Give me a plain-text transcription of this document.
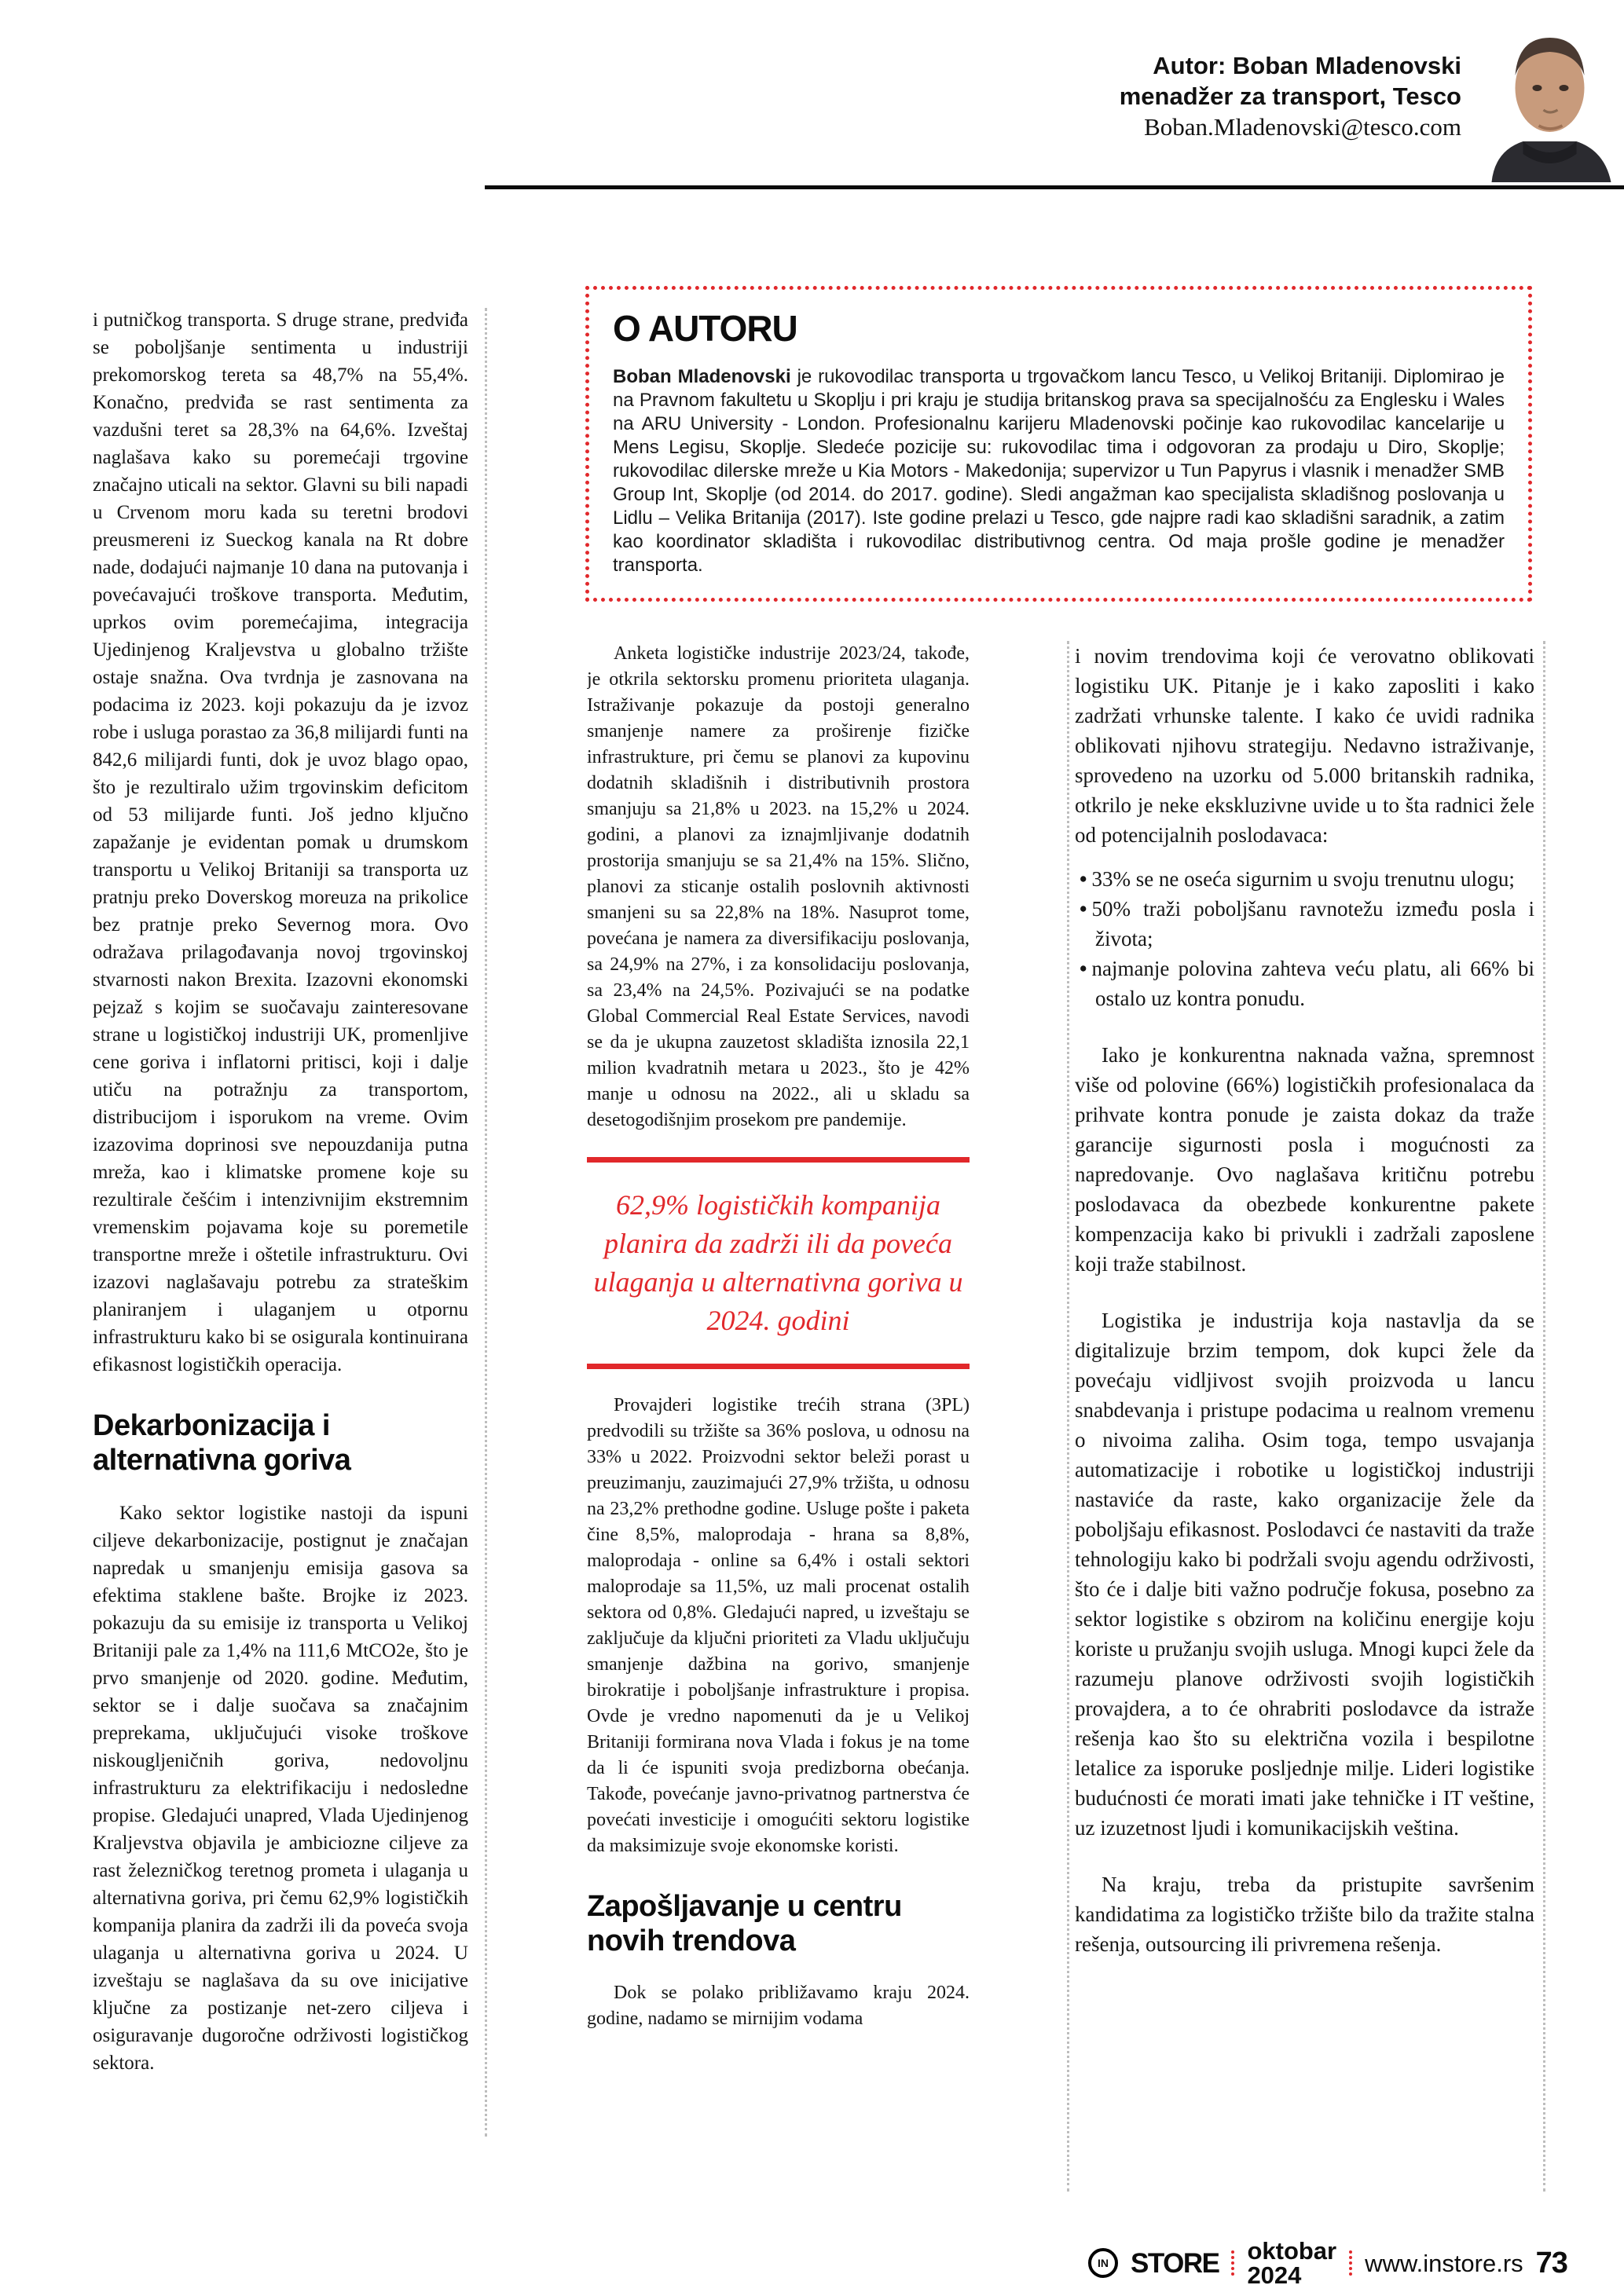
Autor: Boban Mladenovski
menadžer za transport, Tesco
Boban.Mladenovski@tesco.com
O AUTORU

Boban Mladenovski je rukovodilac transporta u trgovačkom lancu Tesco, u Velikoj Britaniji. Diplomirao je na Pravnom fakultetu u Skoplju i pri kraju je studija britanskog prava sa specijalnošću za Englesku i Wales na ARU University - London. Profesionalnu karijeru Mladenovski počinje kao rukovodilac kancelarije u Mens Legisu, Skoplje. Sledeće pozicije su: rukovodilac tima i odgovoran za prodaju u Diro, Skoplje; rukovodilac dilerske mreže u Kia Motors - Makedonija; supervizor u Tun Papyrus i vlasnik i menadžer SMB Group Int, Skoplje (od 2014. do 2017. godine). Sledi angažman kao specijalista skladišnog poslovanja u Lidlu – Velika Britanija (2017). Iste godine prelazi u Tesco, gde najpre radi kao skladišni saradnik, a zatim kao koordinator skladišta i rukovodilac distributivnog centra. Od maja prošle godine je menadžer transporta.

i putničkog transporta. S druge strane, predviđa se poboljšanje sentimenta u industriji prekomorskog tereta sa 48,7% na 55,4%. Konačno, predviđa se rast sentimenta za vazdušni teret sa 28,3% na 64,6%. Izveštaj naglašava kako su poremećaji trgovine značajno uticali na sektor. Glavni su bili napadi u Crvenom moru kada su teretni brodovi preusmereni iz Sueckog kanala na Rt dobre nade, dodajući najmanje 10 dana na putovanja i povećavajući troškove transporta. Međutim, uprkos ovim poremećajima, integracija Ujedinjenog Kraljevstva u globalno tržište ostaje snažna. Ova tvrdnja je zasnovana na podacima iz 2023. koji pokazuju da je izvoz robe i usluga porastao za 36,8 milijardi funti na 842,6 milijardi funti, dok je uvoz blago opao, što je rezultiralo užim trgovinskim deficitom od 53 milijarde funti. Još jedno ključno zapažanje je evidentan pomak u drumskom transportu u Velikoj Britaniji sa transporta uz pratnju preko Doverskog moreuza na prikolice bez pratnje preko Severnog mora. Ovo odražava prilagođavanja novoj trgovinskoj stvarnosti nakon Brexita. Izazovni ekonomski pejzaž s kojim se suočavaju zainteresovane strane u logističkoj industriji UK, promenljive cene goriva i inflatorni pritisci, koji i dalje utiču na potražnju za transportom, distribucijom i isporukom na vreme. Ovim izazovima doprinosi sve nepouzdanija putna mreža, kao i klimatske promene koje su rezultirale češćim i intenzivnijim ekstremnim vremenskim pojavama koje su poremetile transportne mreže i oštetile infrastrukturu. Ovi izazovi naglašavaju potrebu za strateškim planiranjem i ulaganjem u otpornu infrastrukturu kako bi se osigurala kontinuirana efikasnost logističkih operacija.

Dekarbonizacija i alternativna goriva

Kako sektor logistike nastoji da ispuni ciljeve dekarbonizacije, postignut je značajan napredak u smanjenju emisija gasova sa efektima staklene bašte. Brojke iz 2023. pokazuju da su emisije iz transporta u Velikoj Britaniji pale za 1,4% na 111,6 MtCO2e, što je prvo smanjenje od 2020. godine. Međutim, sektor se i dalje suočava sa značajnim preprekama, uključujući visoke troškove niskougljeničnih goriva, nedovoljnu infrastrukturu za elektrifikaciju i nedosledne propise. Gledajući unapred, Vlada Ujedinjenog Kraljevstva objavila je ambiciozne ciljeve za rast železničkog teretnog prometa i ulaganja u alternativna goriva, pri čemu 62,9% logističkih kompanija planira da zadrži ili da poveća svoja ulaganja u alternativna goriva u 2024. U izveštaju se naglašava da su ove inicijative ključne za postizanje net-zero ciljeva i osiguravanje dugoročne održivosti logističkog sektora.

Anketa logističke industrije 2023/24, takođe, je otkrila sektorsku promenu prioriteta ulaganja. Istraživanje pokazuje da postoji generalno smanjenje namere za proširenje fizičke infrastrukture, pri čemu se planovi za kupovinu dodatnih skladišnih i distributivnih prostora smanjuju sa 21,8% u 2023. na 15,2% u 2024. godini, a planovi za iznajmljivanje dodatnih prostorija smanjuju se sa 21,4% na 15%. Slično, planovi za sticanje ostalih poslovnih aktivnosti smanjeni su sa 22,8% na 18%. Nasuprot tome, povećana je namera za diversifikaciju poslovanja, sa 24,9% na 27%, i za konsolidaciju poslovanja, sa 23,4% na 24,5%. Pozivajući se na podatke Global Commercial Real Estate Services, navodi se da je ukupna zauzetost skladišta iznosila 22,1 milion kvadratnih metara u 2023., što je 42% manje u odnosu na 2022., ali u skladu sa desetogodišnjim prosekom pre pandemije.

62,9% logističkih kompanija planira da zadrži ili da poveća ulaganja u alternativna goriva u 2024. godini

Provajderi logistike trećih strana (3PL) predvodili su tržište sa 36% poslova, u odnosu na 33% u 2022. Proizvodni sektor beleži porast u preuzimanju, zauzimajući 27,9% tržišta, u odnosu na 23,2% prethodne godine. Usluge pošte i paketa čine 8,5%, maloprodaja - hrana sa 8,8%, maloprodaja - online sa 6,4% i ostali sektori maloprodaje sa 11,5%, uz mali procenat ostalih sektora od 0,8%. Gledajući napred, u izveštaju se zaključuje da ključni prioriteti za Vladu uključuju smanjenje dažbina na gorivo, smanjenje birokratije i poboljšanje infrastrukture i propisa. Ovde je vredno napomenuti da je u Velikoj Britaniji formirana nova Vlada i fokus je na tome da li će ispuniti svoja predizborna obećanja. Takođe, povećanje javno-privatnog partnerstva će povećati investicije i omogućiti sektoru logistike da maksimizuje svoje ekonomske koristi.

Zapošljavanje u centru novih trendova

Dok se polako približavamo kraju 2024. godine, nadamo se mirnijim vodama

i novim trendovima koji će verovatno oblikovati logistiku UK. Pitanje je i kako zaposliti i kako zadržati vrhunske talente. I kako će uvidi radnika oblikovati njihovu strategiju. Nedavno istraživanje, sprovedeno na uzorku od 5.000 britanskih radnika, otkrilo je neke ekskluzivne uvide u to šta radnici žele od potencijalnih poslodavaca:

• 33% se ne oseća sigurnim u svoju trenutnu ulogu;

• 50% traži poboljšanu ravnotežu između posla i života;

• najmanje polovina zahteva veću platu, ali 66% bi ostalo uz kontra ponudu.

Iako je konkurentna naknada važna, spremnost više od polovine (66%) logističkih profesionalaca da prihvate kontra ponude je zaista dokaz da traže garancije sigurnosti posla i mogućnosti za napredovanje. Ovo naglašava kritičnu potrebu poslodavaca da obezbede konkurentne pakete kompenzacija kako bi privukli i zadržali zaposlene koji traže stabilnost.

Logistika je industrija koja nastavlja da se digitalizuje brzim tempom, dok kupci žele da povećaju vidljivost svojih proizvoda u lancu snabdevanja i pristupe podacima u realnom vremenu o nivoima zaliha. Osim toga, tempo usvajanja automatizacije i robotike u logističkoj industriji nastaviće da raste, kako organizacije žele da poboljšaju efikasnost. Poslodavci će nastaviti da traže tehnologiju kako bi podržali svoju agendu održivosti, što će i dalje biti važno područje fokusa, posebno za sektor logistike s obzirom na količinu energije koju koriste u pružanju svojih usluga. Mnogi kupci žele da razumeju planove održivosti svojih logističkih provajdera, a to će ohrabriti poslodavce da istraže rešenja kao što su električna vozila i bespilotne letalice za isporuke posljednje milje. Lideri logistike budućnosti će morati imati jake tehničke i IT veštine, uz izuzetnost ljudi i komunikacijskih veština.

Na kraju, treba da pristupite savršenim kandidatima za logističko tržište bilo da tražite stalna rešenja, outsourcing ili privremena rešenja.

IN STORE oktobar 2024	www.instore.rs 73
